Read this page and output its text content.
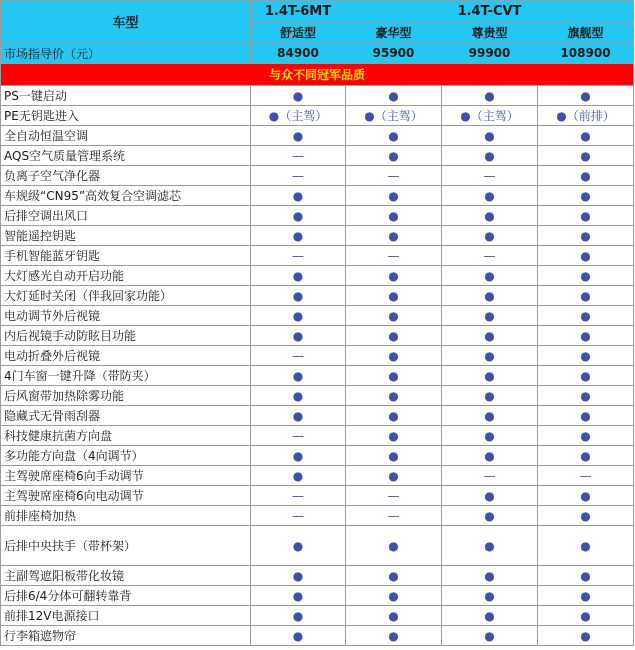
车型	1.4T-6MT	1.4T-CVT		
	舒适型	豪华型	尊贵型	旗舰型
市场指导价（元）	84900	95900	99900	108900
与众不同冠军品质				
PS一键启动	●	●	●	●
PE无钥匙进入	●（主驾）	●（主驾）	●（主驾）	●（前排）
全自动恒温空调	●	●	●	●
AQS空气质量管理系统	—	●	●	●
负离子空气净化器	—	—	—	●
车规级“CN95”高效复合空调滤芯	●	●	●	●
后排空调出风口	●	●	●	●
智能遥控钥匙	●	●	●	●
手机智能蓝牙钥匙	—	—	—	●
大灯感光自动开启功能	●	●	●	●
大灯延时关闭（伴我回家功能）	●	●	●	●
电动调节外后视镜	●	●	●	●
内后视镜手动防眩目功能	●	●	●	●
电动折叠外后视镜	—	●	●	●
4门车窗一键升降（带防夹）	●	●	●	●
后风窗带加热除雾功能	●	●	●	●
隐藏式无骨雨刮器	●	●	●	●
科技健康抗菌方向盘	—	●	●	●
多功能方向盘（4向调节）	●	●	●	●
主驾驶席座椅6向手动调节	●	●	—	—
主驾驶席座椅6向电动调节	—	—	●	●
前排座椅加热	—	—	●	●
后排中央扶手（带杯架）	●	●	●	●
主副驾遮阳板带化妆镜	●	●	●	●
后排6/4分体可翻转靠背	●	●	●	●
前排12V电源接口	●	●	●	●
行李箱遮物帘	●	●	●	●
